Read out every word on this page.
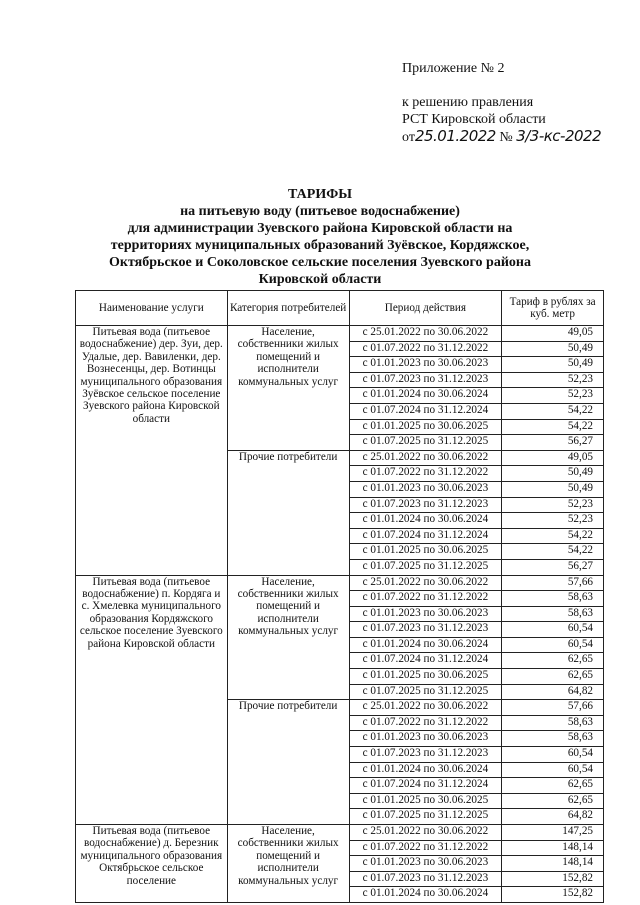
Приложение № 2
к решению правления
РСТ Кировской области
от25.01.2022 № 3/3-кс-2022
ТАРИФЫ
на питьевую воду (питьевое водоснабжение)
для администрации Зуевского района Кировской области на
территориях муниципальных образований Зуёвское, Кордяжское,
Октябрьское и Соколовское сельские поселения Зуевского района
Кировской области
Наименование услуги	Категория потребителей	Период действия	Тариф в рублях за куб. метр
Питьевая вода (питьевое водоснабжение) дер. Зуи, дер. Удалые, дер. Вавиленки, дер. Вознесенцы, дер. Вотинцы муниципального образования Зуёвское сельское поселение Зуевского района Кировской области	Население, собственники жилых помещений и исполнители коммунальных услуг	с 25.01.2022 по 30.06.2022	49,05
		с 01.07.2022 по 31.12.2022	50,49
		с 01.01.2023 по 30.06.2023	50,49
		с 01.07.2023 по 31.12.2023	52,23
		с 01.01.2024 по 30.06.2024	52,23
		с 01.07.2024 по 31.12.2024	54,22
		с 01.01.2025 по 30.06.2025	54,22
		с 01.07.2025 по 31.12.2025	56,27
	Прочие потребители	с 25.01.2022 по 30.06.2022	49,05
		с 01.07.2022 по 31.12.2022	50,49
		с 01.01.2023 по 30.06.2023	50,49
		с 01.07.2023 по 31.12.2023	52,23
		с 01.01.2024 по 30.06.2024	52,23
		с 01.07.2024 по 31.12.2024	54,22
		с 01.01.2025 по 30.06.2025	54,22
		с 01.07.2025 по 31.12.2025	56,27
Питьевая вода (питьевое водоснабжение) п. Кордяга и с. Хмелевка муниципального образования Кордяжского сельское поселение Зуевского района Кировской области	Население, собственники жилых помещений и исполнители коммунальных услуг	с 25.01.2022 по 30.06.2022	57,66
		с 01.07.2022 по 31.12.2022	58,63
		с 01.01.2023 по 30.06.2023	58,63
		с 01.07.2023 по 31.12.2023	60,54
		с 01.01.2024 по 30.06.2024	60,54
		с 01.07.2024 по 31.12.2024	62,65
		с 01.01.2025 по 30.06.2025	62,65
		с 01.07.2025 по 31.12.2025	64,82
	Прочие потребители	с 25.01.2022 по 30.06.2022	57,66
		с 01.07.2022 по 31.12.2022	58,63
		с 01.01.2023 по 30.06.2023	58,63
		с 01.07.2023 по 31.12.2023	60,54
		с 01.01.2024 по 30.06.2024	60,54
		с 01.07.2024 по 31.12.2024	62,65
		с 01.01.2025 по 30.06.2025	62,65
		с 01.07.2025 по 31.12.2025	64,82
Питьевая вода (питьевое водоснабжение) д. Березник муниципального образования Октябрьское сельское поселение	Население, собственники жилых помещений и исполнители коммунальных услуг	с 25.01.2022 по 30.06.2022	147,25
		с 01.07.2022 по 31.12.2022	148,14
		с 01.01.2023 по 30.06.2023	148,14
		с 01.07.2023 по 31.12.2023	152,82
		с 01.01.2024 по 30.06.2024	152,82
